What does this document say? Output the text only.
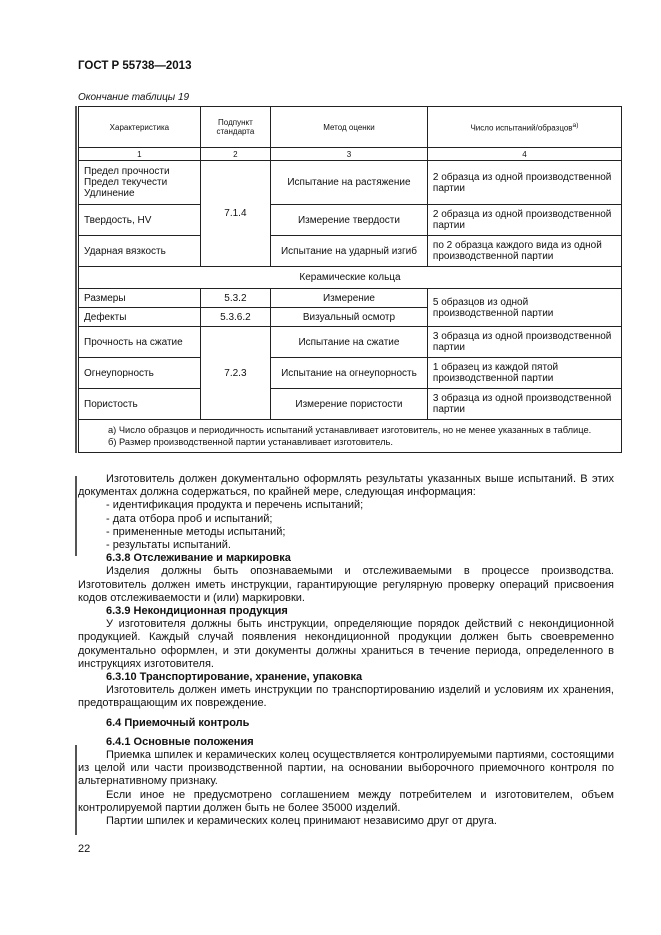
ГОСТ Р 55738—2013
Окончание таблицы 19
Характеристика	Подпункт стандарта	Метод оценки	Число испытаний/образцов$^{а)}$
1	2	3	4

Предел прочности
Предел текучести
Удлинение	7.1.4	Испытание на растяжение	2 образца из одной производственной партии
Твердость, HV		Измерение твердости	2 образца из одной производственной партии
Ударная вязкость		Испытание на ударный изгиб	по 2 образца каждого вида из одной производственной партии
Керамические кольца			
Размеры	5.3.2	Измерение	5 образцов из одной производственной партии
Дефекты	5.3.6.2	Визуальный осмотр	
Прочность на сжатие	7.2.3	Испытание на сжатие	3 образца из одной производственной партии
Огнеупорность		Испытание на огнеупорность	1 образец из каждой пятой производственной партии
Пористость		Измерение пористости	3 образца из одной производственной партии

а) Число образцов и периодичность испытаний устанавливает изготовитель, но не менее указанных в таблице.

б) Размер производственной партии устанавливает изготовитель.			

Изготовитель должен документально оформлять результаты указанных выше испытаний. В этих документах должна содержаться, по крайней мере, следующая информация:

- идентификация продукта и перечень испытаний;

- дата отбора проб и испытаний;

- примененные методы испытаний;

- результаты испытаний.

6.3.8 Отслеживание и маркировка

Изделия должны быть опознаваемыми и отслеживаемыми в процессе производства. Изготовитель должен иметь инструкции, гарантирующие регулярную проверку операций присвоения кодов отслеживаемости и (или) маркировки.

6.3.9 Некондиционная продукция

У изготовителя должны быть инструкции, определяющие порядок действий с некондиционной продукцией. Каждый случай появления некондиционной продукции должен быть своевременно документально оформлен, и эти документы должны храниться в течение периода, определенного в инструкциях изготовителя.

6.3.10 Транспортирование, хранение, упаковка

Изготовитель должен иметь инструкции по транспортированию изделий и условиям их хранения, предотвращающим их повреждение.

6.4 Приемочный контроль

6.4.1 Основные положения

Приемка шпилек и керамических колец осуществляется контролируемыми партиями, состоящими из целой или части производственной партии, на основании выборочного приемочного контроля по альтернативному признаку.

Если иное не предусмотрено соглашением между потребителем и изготовителем, объем контролируемой партии должен быть не более 35000 изделий.

Партии шпилек и керамических колец принимают независимо друг от друга.

22
